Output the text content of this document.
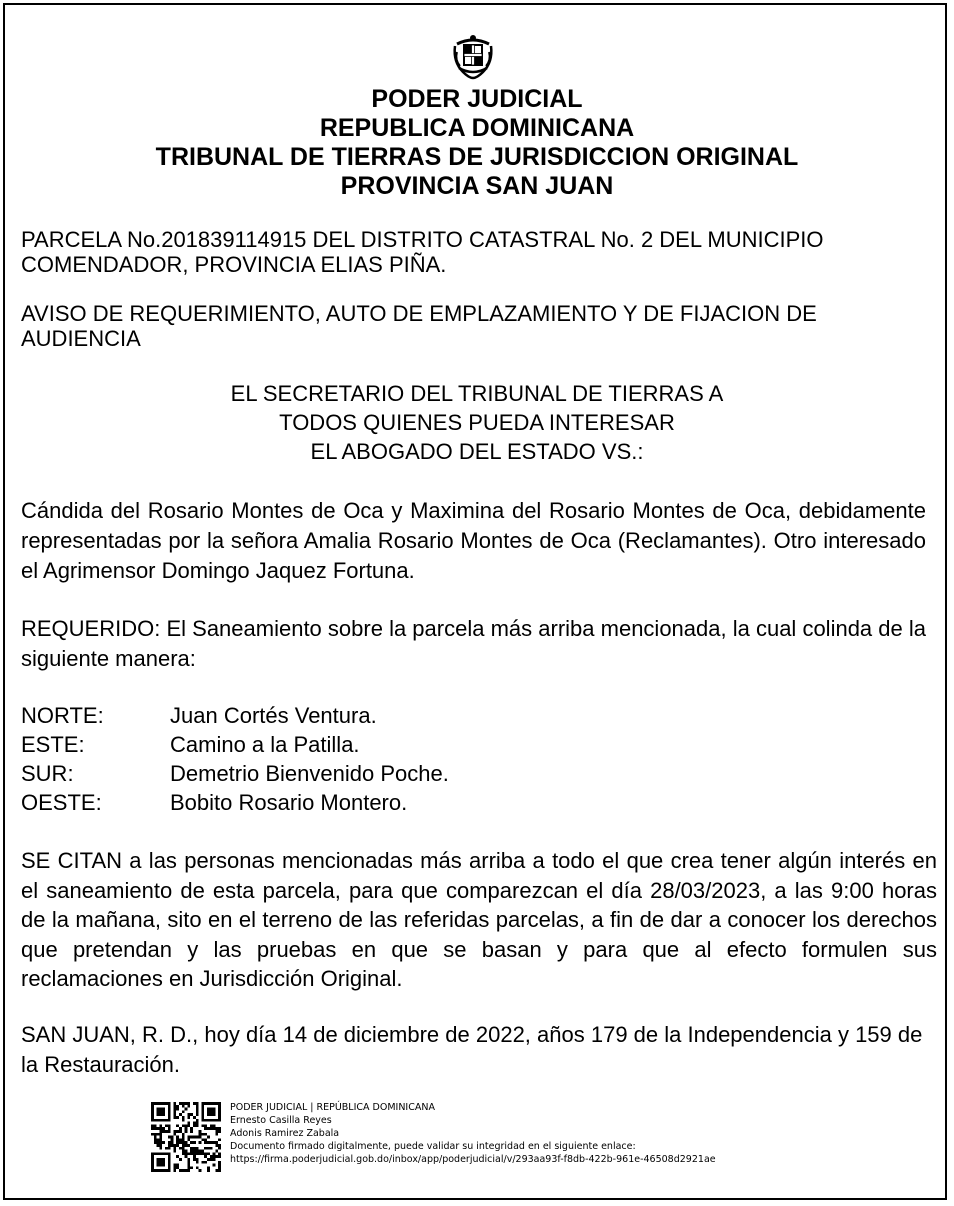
PODER JUDICIAL
REPUBLICA DOMINICANA
TRIBUNAL DE TIERRAS DE JURISDICCION ORIGINAL
PROVINCIA SAN JUAN
PARCELA No.201839114915 DEL DISTRITO CATASTRAL No. 2 DEL MUNICIPIO COMENDADOR, PROVINCIA ELIAS PIÑA.
AVISO DE REQUERIMIENTO, AUTO DE EMPLAZAMIENTO Y DE FIJACION DE AUDIENCIA
EL SECRETARIO DEL TRIBUNAL DE TIERRAS A
TODOS QUIENES PUEDA INTERESAR
EL ABOGADO DEL ESTADO VS.:
Cándida del Rosario Montes de Oca y Maximina del Rosario Montes de Oca, debidamente representadas por la señora Amalia Rosario Montes de Oca (Reclamantes). Otro interesado el Agrimensor Domingo Jaquez Fortuna.
REQUERIDO: El Saneamiento sobre la parcela más arriba mencionada, la cual colinda de la siguiente manera:
NORTE:	Juan Cortés Ventura.
ESTE:	Camino a la Patilla.
SUR:	Demetrio Bienvenido Poche.
OESTE:	Bobito Rosario Montero.
SE CITAN a las personas mencionadas más arriba a todo el que crea tener algún interés en el saneamiento de esta parcela, para que comparezcan el día 28/03/2023, a las 9:00 horas de la mañana, sito en el terreno de las referidas parcelas, a fin de dar a conocer los derechos que pretendan y las pruebas en que se basan y para que al efecto formulen sus reclamaciones en Jurisdicción Original.
SAN JUAN, R. D., hoy día 14 de diciembre de 2022, años 179 de la Independencia y 159 de la Restauración.
PODER JUDICIAL | REPÚBLICA DOMINICANA
Ernesto Casilla Reyes
Adonis Ramirez Zabala
Documento firmado digitalmente, puede validar su integridad en el siguiente enlace:
https://firma.poderjudicial.gob.do/inbox/app/poderjudicial/v/293aa93f-f8db-422b-961e-46508d2921ae
